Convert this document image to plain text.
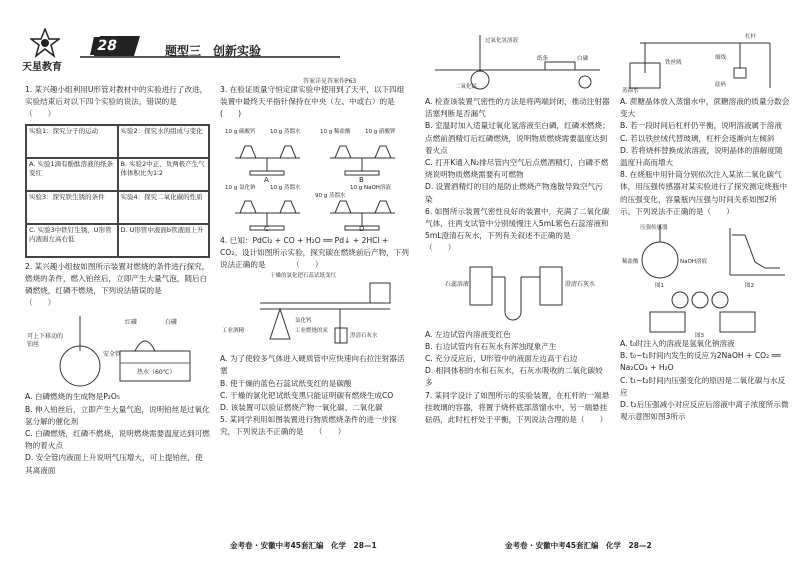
天星教育
28	题型三　创新实验
答案详见答案作P63
1. 某兴趣小组利用U形管对教材中的实验进行了改进，实验结束后对以下四个实验的说法，错误的是　　　　（　　）
实验1：探究分子的运动	实验2：探究水的组成与变化
A. 实验1滴有酚酞溶液的纸条变红
B. 实验2中正、负两极产生气体体积比为1∶2
实验3：探究铁生锈的条件	实验4：探究二氧化碳的性质
C. 实验3中铁钉生锈，U形管内液面左高右低
D. U形管中液面b管液面上升
2. 某兴趣小组按如图所示装置对燃烧的条件进行探究，燃烧的条件，燃入铂丝后，立即产生大量气泡，随后白磷燃烧，红磷不燃烧，下列说法错误的是　　　　（　　）
可上下移动的铂丝
红磷	白磷
安全管
热水（60℃）
A. 白磷燃烧的生成物是P₂O₅
B. 伸入铂丝后，立即产生大量气泡，说明铂丝是过氧化氢分解的催化剂
C. 白磷燃烧，红磷不燃烧，说明燃烧需要温度达到可燃物的着火点
D. 安全管内液面上升说明气压增大，可上提铂丝，使其离液面
3. 在验证质量守恒定律实验中使用到了天平，以下四组装置中最终天平指针保持在中央（左、中或右）的是(　　)
10 g 碳酸钙	10 g 蒸馏水	10 g 稀盐酸	10 g 硝酸钾
A	B
10 g 氯化钠	10 g 蒸馏水	10 g NaOH溶液
90 g 蒸馏水
C	D
4. 已知：PdCl₂ + CO + H₂O ══ Pd↓ + 2HCl + CO₂。设计如图所示实验，探究碳在燃烧前后产物，下列说法正确的是　　　　（　　）
干燥的氯化钯石蕊试纸变红
工业酒精
氯化钙
工业燃烧的炭
澄清石灰水
A. 为了使较多气体进入硬质管中应快速向右拉注射器活塞
B. 使干燥的蓝色石蕊试纸变红的是碳酸
C. 干燥的氯化钯试纸变黑只能证明碳有燃烧生成CO
D. 该装置可以验证燃烧产物一氧化碳、二氧化碳
5. 某同学利用如图装置进行物质燃烧条件的进一步探究，下列说法不正确的是　　（　　）
过氧化氢溶液
二氧化锰
纸条	白磷
A. 检查该装置气密性的方法是将两端封闭，推动注射器活塞判断是否漏气
B. 室温时加入适量过氧化氢溶液至白磷，红磷未燃烧；点燃前酒精灯后红磷燃烧，说明物质燃烧需要温度达到着火点
C. 打开K通入N₂排尽管内空气后点燃酒精灯，白磷不燃烧说明物质燃烧需要有可燃物
D. 设置酒精灯的目的是防止燃烧产物逸散导致空气污染
6. 如图所示装置气密性良好的装置中，充满了二氧化碳气体，往两支试管中分别缓慢注入5mL紫色石蕊溶液和5mL澄清石灰水，下列有关叙述不正确的是　　　　（　　）
石蕊溶液	澄清石灰水
A. 左边试管内溶液变红色
B. 右边试管内有石灰水有浑浊现象产生
C. 充分反应后，U形管中的液面左边高于右边
D. 相同体积的水和石灰水，石灰水吸收的二氧化碳较多
7. 某同学设计了如图所示的实验装置，在杠杆的一端悬挂玻璃的容器，将置于烧杯底部蒸馏水中，另一端悬挂砝码，此时杠杆处于平衡，下列说法合理的是（　　）
杠杆
蒸馏水
铁丝绒
细线
砝码
A. 蔗糖晶体放入蒸馏水中，蔗糖溶液的质量分数会变大
B. 若一段时间后杠杆仍平衡，说明溶液属于溶液
C. 若以铁丝绒代替玻璃，杠杆会逐渐向左倾斜
D. 若将烧杯替换成浓溶液，说明晶体的溶解度随温度升高而增大
8. 在烧瓶中用针筒分别依次注入某浓二氧化碳气体，用压强传感器对某实验进行了探究测定烧瓶中的压强变化，容量瓶内压强与时间关系如图2所示。下列说法不正确的是（　　）
压强传感器
稀盐酸	NaOH溶液
图1	图2
图3
A. t₀时注入的溶液是氢氧化钠溶液
B. t₀~t₁时间内发生的反应为2NaOH + CO₂ ══ Na₂CO₃ + H₂O
C. t₁~t₂时间内压强变化的原因是二氧化碳与水反应
D. t₂后压强减小对应反应后溶液中离子浓度所示微观示意图如图3所示
金考卷 · 安徽中考45套汇编　化学　28—1	金考卷 · 安徽中考45套汇编　化学　28—2
